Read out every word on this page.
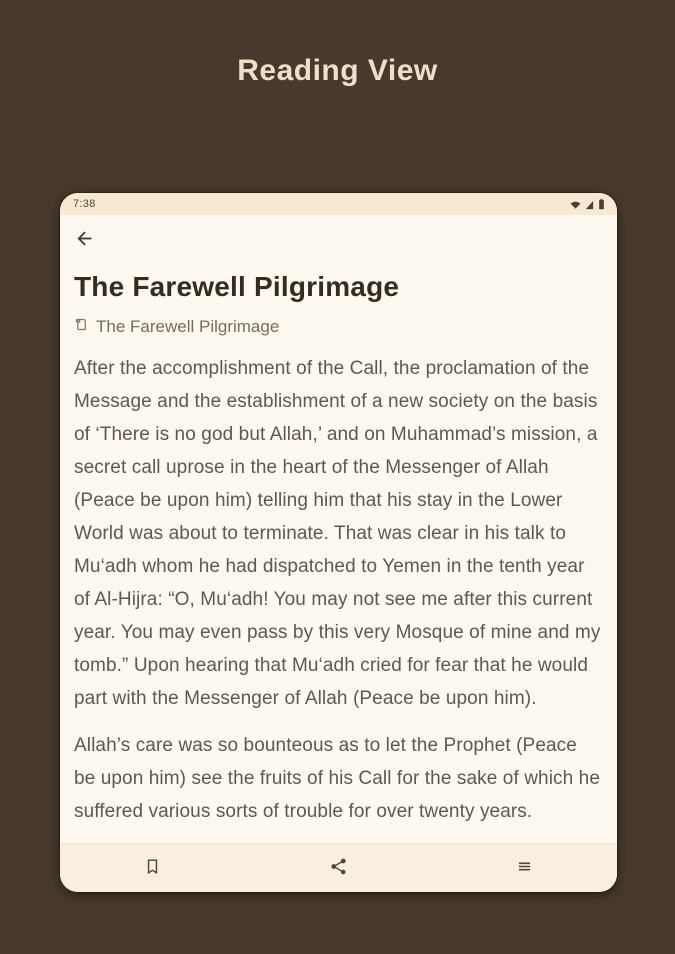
Reading View
7:38
The Farewell Pilgrimage
The Farewell Pilgrimage

After the accomplishment of the Call, the proclamation of the Message and the establishment of a new society on the basis of ‘There is no god but Allah,’ and on Muhammad’s mission, a secret call uprose in the heart of the Messenger of Allah (Peace be upon him) telling him that his stay in the Lower World was about to terminate. That was clear in his talk to Mu‘adh whom he had dispatched to Yemen in the tenth year of Al-Hijra: “O, Mu‘adh! You may not see me after this current year. You may even pass by this very Mosque of mine and my tomb.” Upon hearing that Mu‘adh cried for fear that he would part with the Messenger of Allah (Peace be upon him).

Allah’s care was so bounteous as to let the Prophet (Peace be upon him) see the fruits of his Call for the sake of which he suffered various sorts of trouble for over twenty years.
